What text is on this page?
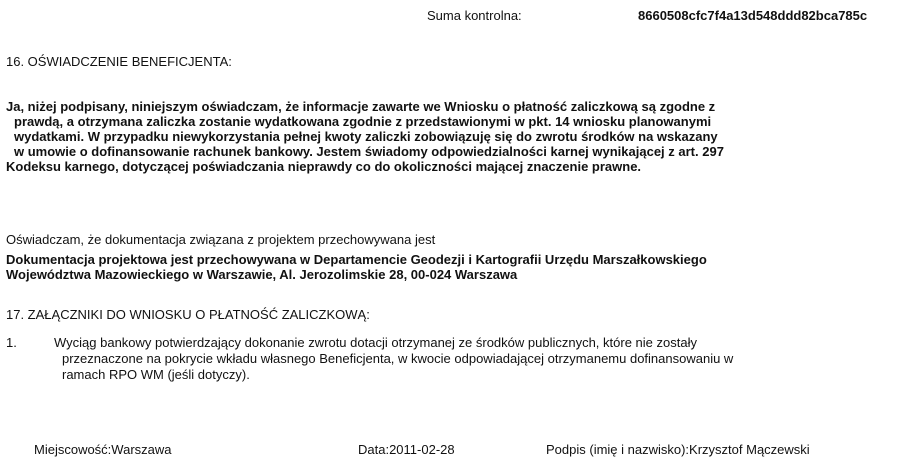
Suma kontrolna:	8660508cfc7f4a13d548ddd82bca785c
16. OŚWIADCZENIE BENEFICJENTA:
Ja, niżej podpisany, niniejszym oświadczam, że informacje zawarte we Wniosku o płatność zaliczkową są zgodne z
prawdą, a otrzymana zaliczka zostanie wydatkowana zgodnie z przedstawionymi w pkt. 14 wniosku planowanymi
wydatkami. W przypadku niewykorzystania pełnej kwoty zaliczki zobowiązuję się do zwrotu środków na wskazany
w umowie o dofinansowanie rachunek bankowy. Jestem świadomy odpowiedzialności karnej wynikającej z art. 297
Kodeksu karnego, dotyczącej poświadczania nieprawdy co do okoliczności mającej znaczenie prawne.
Oświadczam, że dokumentacja związana z projektem przechowywana jest
Dokumentacja projektowa jest przechowywana w Departamencie Geodezji i Kartografii Urzędu Marszałkowskiego
Województwa Mazowieckiego w Warszawie, Al. Jerozolimskie 28, 00-024 Warszawa
17. ZAŁĄCZNIKI DO WNIOSKU O PŁATNOŚĆ ZALICZKOWĄ:
1.	Wyciąg bankowy potwierdzający dokonanie zwrotu dotacji otrzymanej ze środków publicznych, które nie zostały
przeznaczone na pokrycie wkładu własnego Beneficjenta, w kwocie odpowiadającej otrzymanemu dofinansowaniu w
ramach RPO WM (jeśli dotyczy).
Miejscowość:Warszawa	Data:2011-02-28	Podpis (imię i nazwisko):Krzysztof Mączewski
